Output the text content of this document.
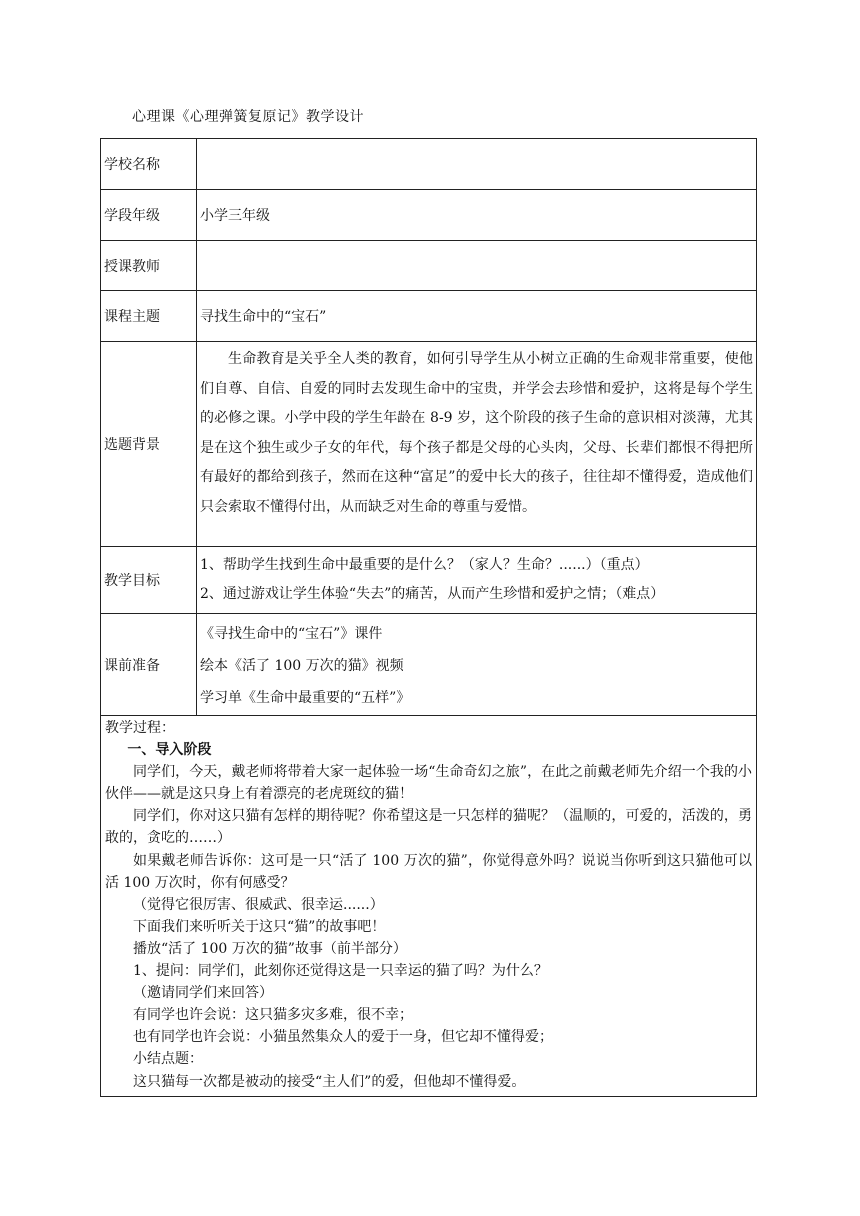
心理课《心理弹簧复原记》教学设计
学校名称
学段年级	小学三年级
授课教师
课程主题	寻找生命中的“宝石”
选题背景

生命教育是关乎全人类的教育，如何引导学生从小树立正确的生命观非常重要，使他们自尊、自信、自爱的同时去发现生命中的宝贵，并学会去珍惜和爱护，这将是每个学生的必修之课。小学中段的学生年龄在 8-9 岁，这个阶段的孩子生命的意识相对淡薄，尤其是在这个独生或少子女的年代，每个孩子都是父母的心头肉，父母、长辈们都恨不得把所有最好的都给到孩子，然而在这种“富足”的爱中长大的孩子，往往却不懂得爱，造成他们只会索取不懂得付出，从而缺乏对生命的尊重与爱惜。

教学目标
1、帮助学生找到生命中最重要的是什么？（家人？生命？......）（重点）
2、通过游戏让学生体验“失去”的痛苦，从而产生珍惜和爱护之情；（难点）
课前准备
《寻找生命中的“宝石”》课件
绘本《活了 100 万次的猫》视频
学习单《生命中最重要的“五样”》

教学过程：

一、导入阶段

同学们，今天，戴老师将带着大家一起体验一场“生命奇幻之旅”，在此之前戴老师先介绍一个我的小伙伴——就是这只身上有着漂亮的老虎斑纹的猫！

同学们，你对这只猫有怎样的期待呢？你希望这是一只怎样的猫呢？（温顺的，可爱的，活泼的，勇敢的，贪吃的……）

如果戴老师告诉你：这可是一只“活了 100 万次的猫”，你觉得意外吗？说说当你听到这只猫他可以活 100 万次时，你有何感受？

（觉得它很厉害、很威武、很幸运......）

下面我们来听听关于这只“猫”的故事吧！

播放“活了 100 万次的猫”故事（前半部分）

1、提问：同学们，此刻你还觉得这是一只幸运的猫了吗？为什么？

（邀请同学们来回答）

有同学也许会说：这只猫多灾多难，很不幸；

也有同学也许会说：小猫虽然集众人的爱于一身，但它却不懂得爱；

小结点题：

这只猫每一次都是被动的接受“主人们”的爱，但他却不懂得爱。
